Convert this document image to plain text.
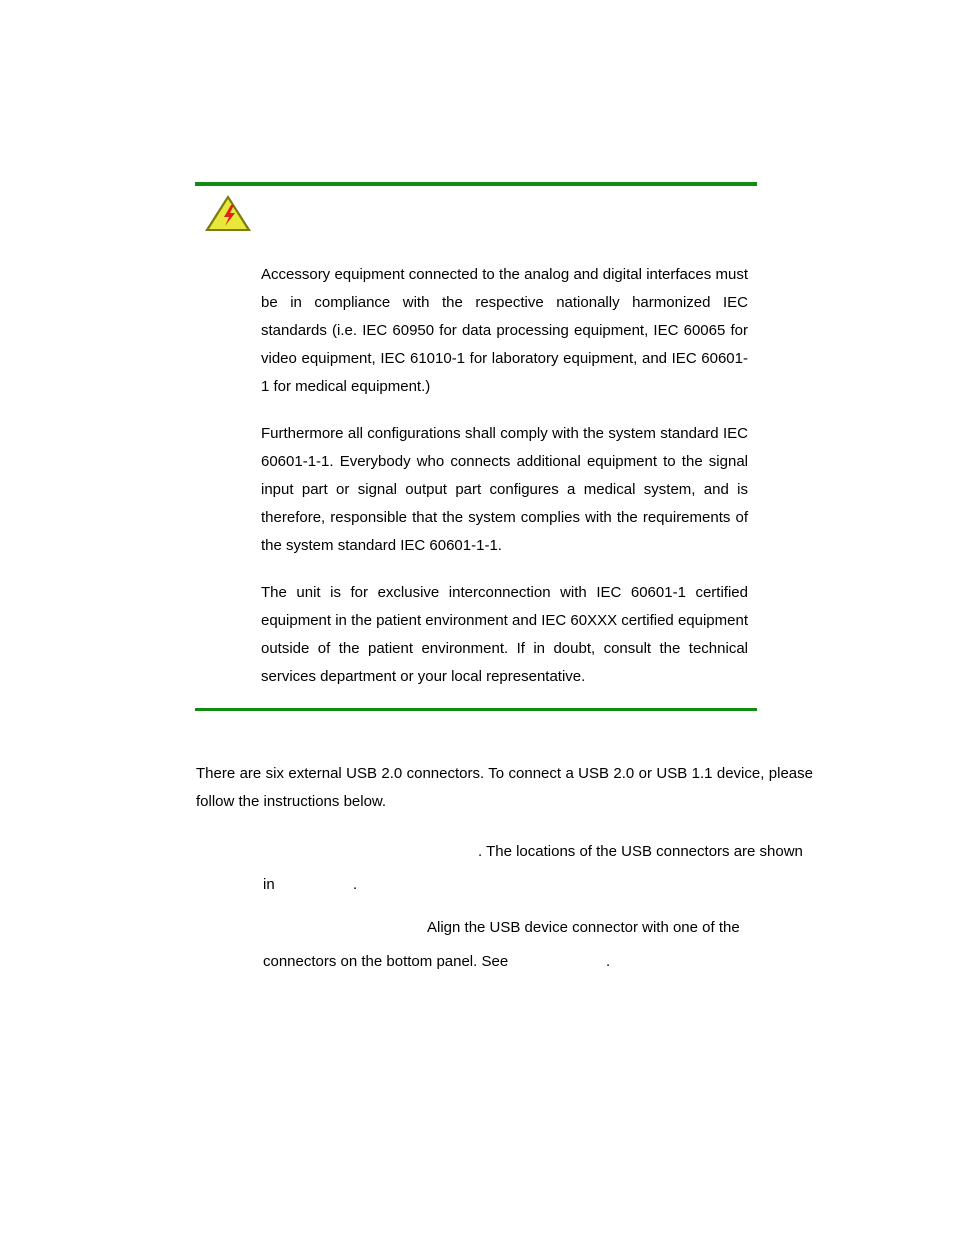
Accessory equipment connected to the analog and digital interfaces must be in compliance with the respective nationally harmonized IEC standards (i.e. IEC 60950 for data processing equipment, IEC 60065 for video equipment, IEC 61010-1 for laboratory equipment, and IEC 60601-1 for medical equipment.)

Furthermore all configurations shall comply with the system standard IEC 60601-1-1. Everybody who connects additional equipment to the signal input part or signal output part configures a medical system, and is therefore, responsible that the system complies with the requirements of the system standard IEC 60601-1-1.

The unit is for exclusive interconnection with IEC 60601-1 certified equipment in the patient environment and IEC 60XXX certified equipment outside of the patient environment. If in doubt, consult the technical services department or your local representative.

There are six external USB 2.0 connectors. To connect a USB 2.0 or USB 1.1 device, please follow the instructions below.

. The locations of the USB connectors are shown
in	.
Align the USB device connector with one of the
connectors on the bottom panel. See	.
